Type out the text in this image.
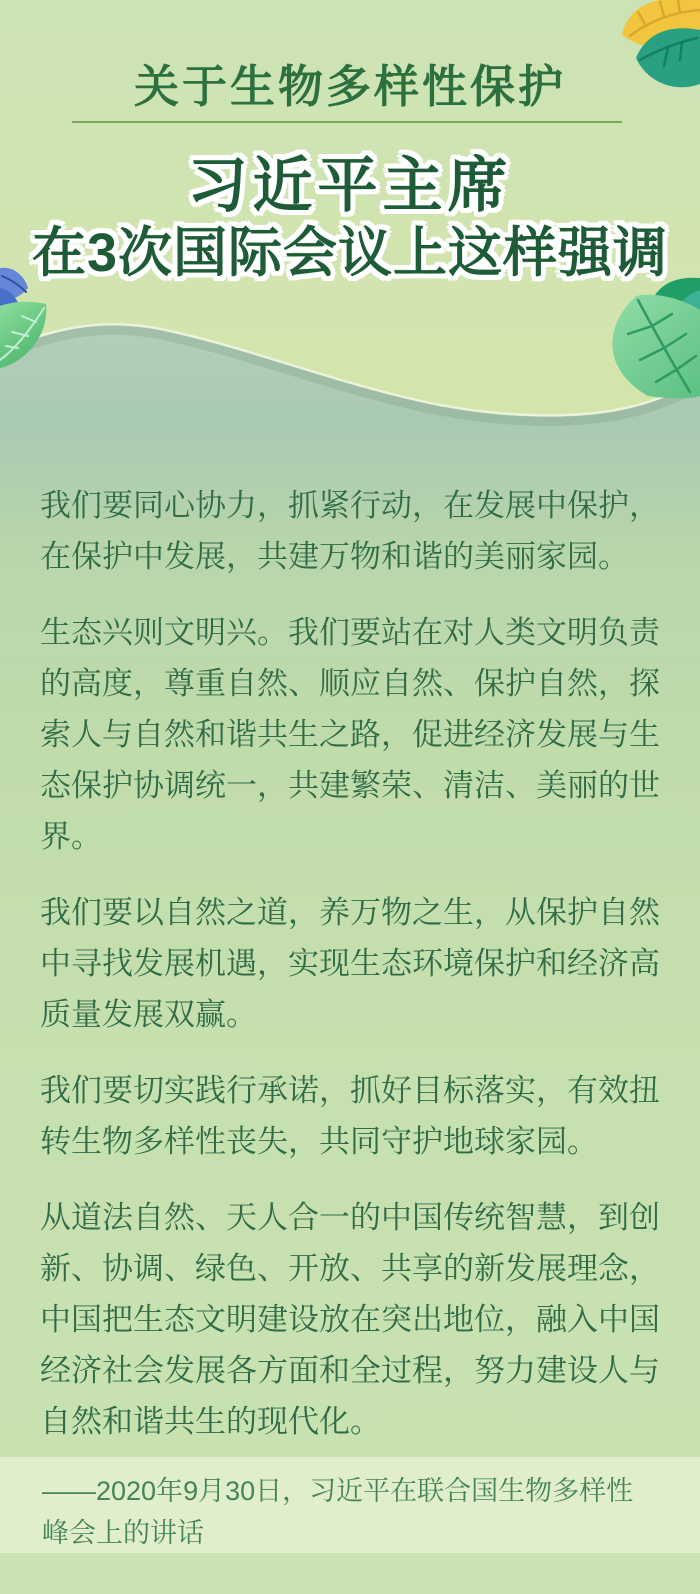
关于生物多样性保护
习近平主席
在3次国际会议上这样强调

我们要同心协力，抓紧行动，在发展中保护，在保护中发展，共建万物和谐的美丽家园。

生态兴则文明兴。我们要站在对人类文明负责的高度，尊重自然、顺应自然、保护自然，探索人与自然和谐共生之路，促进经济发展与生态保护协调统一，共建繁荣、清洁、美丽的世界。

我们要以自然之道，养万物之生，从保护自然中寻找发展机遇，实现生态环境保护和经济高质量发展双赢。

我们要切实践行承诺，抓好目标落实，有效扭转生物多样性丧失，共同守护地球家园。

从道法自然、天人合一的中国传统智慧，到创新、协调、绿色、开放、共享的新发展理念，中国把生态文明建设放在突出地位，融入中国经济社会发展各方面和全过程，努力建设人与自然和谐共生的现代化。

——2020年9月30日，习近平在联合国生物多样性峰会上的讲话
